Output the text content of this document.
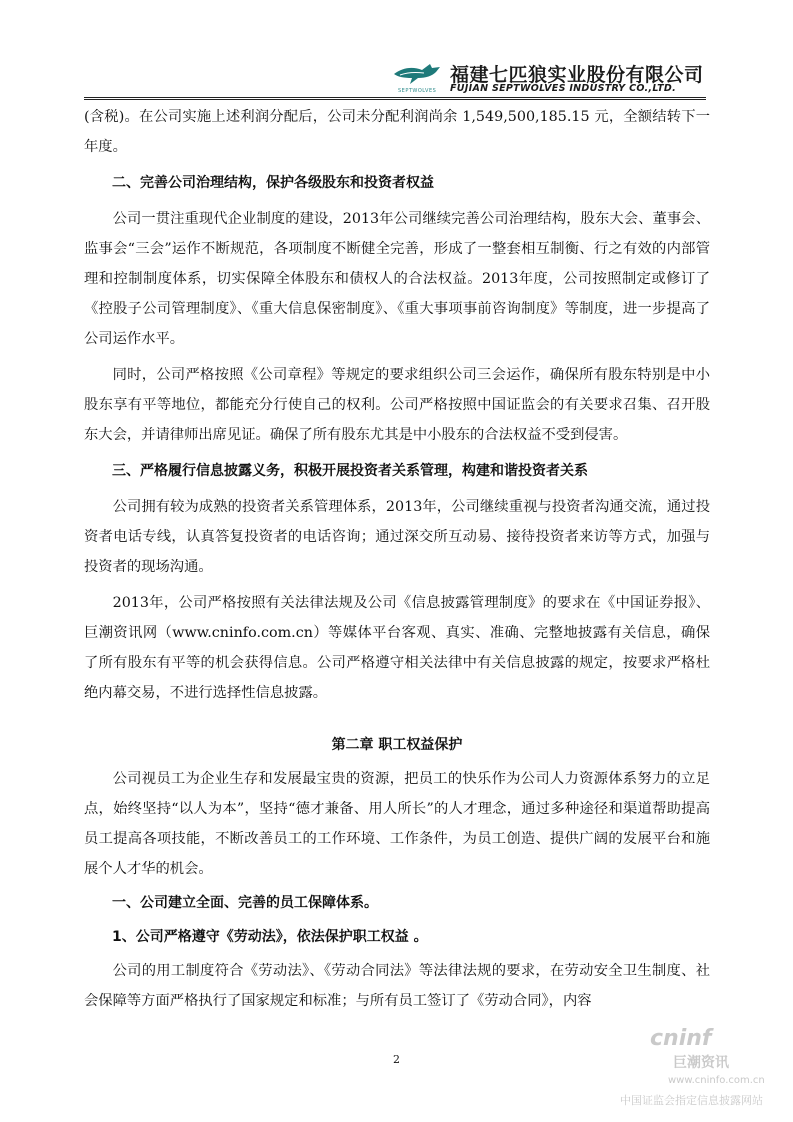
SEPTWOLVES
福建七匹狼实业股份有限公司
FUJIAN SEPTWOLVES INDUSTRY CO.,LTD.

(含税)。在公司实施上述利润分配后，公司未分配利润尚余 1,549,500,185.15 元，全额结转下一年度。

二、完善公司治理结构，保护各级股东和投资者权益

公司一贯注重现代企业制度的建设，2013年公司继续完善公司治理结构，股东大会、董事会、监事会“三会”运作不断规范，各项制度不断健全完善，形成了一整套相互制衡、行之有效的内部管理和控制制度体系，切实保障全体股东和债权人的合法权益。2013年度，公司按照制定或修订了《控股子公司管理制度》、《重大信息保密制度》、《重大事项事前咨询制度》等制度，进一步提高了公司运作水平。

同时，公司严格按照《公司章程》等规定的要求组织公司三会运作，确保所有股东特别是中小股东享有平等地位，都能充分行使自己的权利。公司严格按照中国证监会的有关要求召集、召开股东大会，并请律师出席见证。确保了所有股东尤其是中小股东的合法权益不受到侵害。

三、严格履行信息披露义务，积极开展投资者关系管理，构建和谐投资者关系

公司拥有较为成熟的投资者关系管理体系，2013年，公司继续重视与投资者沟通交流，通过投资者电话专线，认真答复投资者的电话咨询；通过深交所互动易、接待投资者来访等方式，加强与投资者的现场沟通。

2013年，公司严格按照有关法律法规及公司《信息披露管理制度》的要求在《中国证券报》、巨潮资讯网（www.cninfo.com.cn）等媒体平台客观、真实、准确、完整地披露有关信息，确保了所有股东有平等的机会获得信息。公司严格遵守相关法律中有关信息披露的规定，按要求严格杜绝内幕交易，不进行选择性信息披露。

第二章 职工权益保护

公司视员工为企业生存和发展最宝贵的资源，把员工的快乐作为公司人力资源体系努力的立足点，始终坚持“以人为本”，坚持“德才兼备、用人所长”的人才理念，通过多种途径和渠道帮助提高员工提高各项技能，不断改善员工的工作环境、工作条件，为员工创造、提供广阔的发展平台和施展个人才华的机会。

一、公司建立全面、完善的员工保障体系。

1、公司严格遵守《劳动法》，依法保护职工权益 。

公司的用工制度符合《劳动法》、《劳动合同法》等法律法规的要求，在劳动安全卫生制度、社会保障等方面严格执行了国家规定和标准；与所有员工签订了《劳动合同》，内容

2
cninf
巨潮资讯
www.cninfo.com.cn
中国证监会指定信息披露网站
